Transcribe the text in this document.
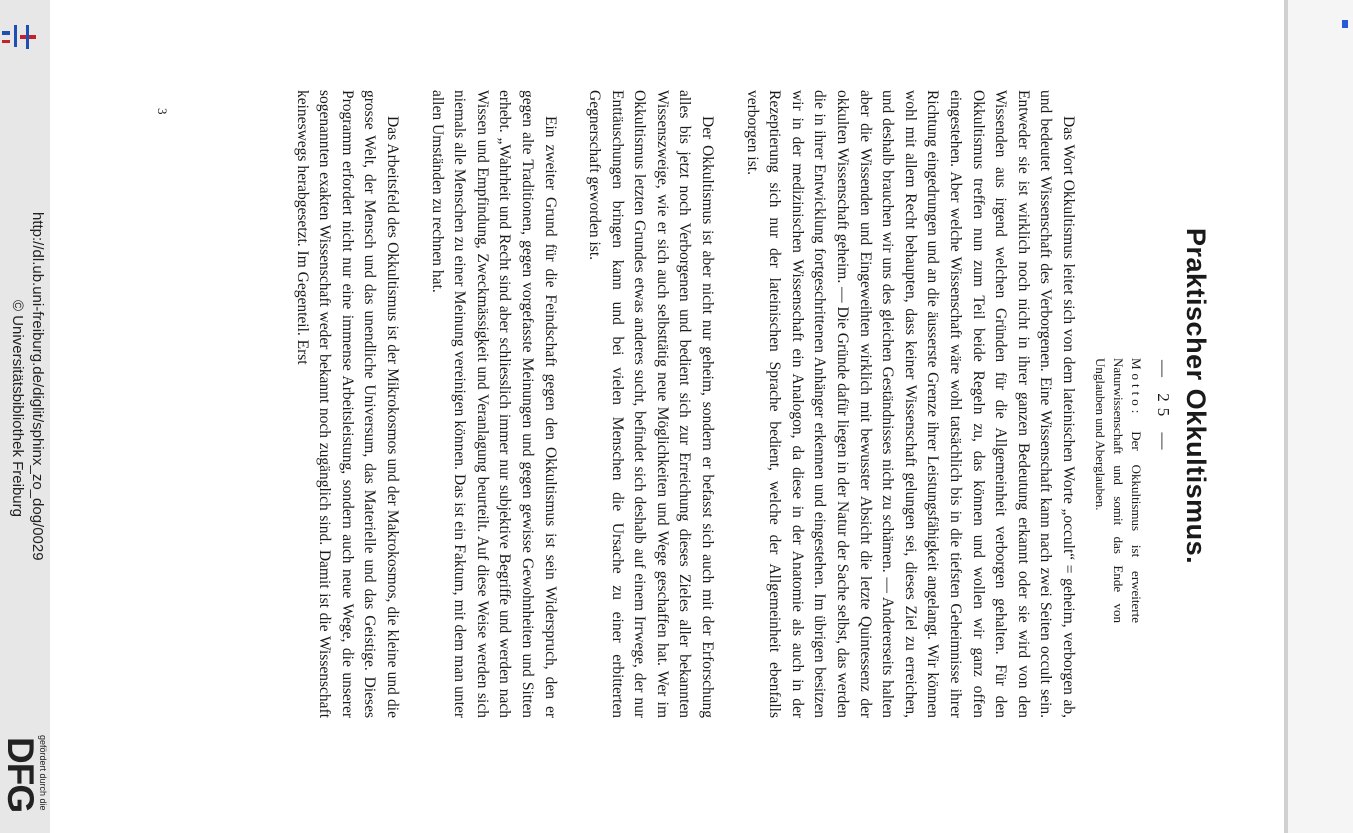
http://dl.ub.uni-freiburg.de/diglit/sphinx_zo_dog/0029
© Universitätsbibliothek Freiburg
gefördert durch die
DFG
Praktischer Okkultismus.
— 25 —
Motto: Der Okkultismus ist erweiterte Naturwissenschaft und somit das Ende von Unglauben und Aberglauben.

Das Wort Okkultismus leitet sich von dem lateinischen Worte „occult“ = geheim, verborgen ab, und bedeutet Wissenschaft des Verborgenen. Eine Wissenschaft kann nach zwei Seiten occult sein. Entweder sie ist wirklich noch nicht in ihrer ganzen Bedeutung erkannt oder sie wird von den Wissenden aus irgend welchen Gründen für die Allgemeinheit verborgen gehalten. Für den Okkultismus treffen nun zum Teil beide Regeln zu, das können und wollen wir ganz offen eingestehen. Aber welche Wissenschaft wäre wohl tatsächlich bis in die tiefsten Geheimnisse ihrer Richtung eingedrungen und an die äusserste Grenze ihrer Leistungsfähigkeit angelangt. Wir können wohl mit allem Recht behaupten, dass keiner Wissenschaft gelungen sei, dieses Ziel zu erreichen, und deshalb brauchen wir uns des gleichen Geständnisses nicht zu schämen. — Andererseits halten aber die Wissenden und Eingeweihten wirklich mit bewusster Absicht die letzte Quintessenz der okkulten Wissenschaft geheim. — Die Gründe dafür liegen in der Natur der Sache selbst, das werden die in ihrer Entwicklung fortgeschrittenen Anhänger erkennen und eingestehen. Im übrigen besitzen wir in der medizinischen Wissenschaft ein Analogon, da diese in der Anatomie als auch in der Rezeptierung sich nur der lateinischen Sprache bedient, welche der Allgemeinheit ebenfalls verborgen ist.

Der Okkultismus ist aber nicht nur geheim, sondern er befasst sich auch mit der Erforschung alles bis jetzt noch Verborgenen und bedient sich zur Erreichung dieses Zieles aller bekannten Wissenszweige, wie er sich auch selbsttätig neue Möglichkeiten und Wege geschaffen hat. Wer im Okkultismus letzten Grundes etwas anderes sucht, befindet sich deshalb auf einem Irrwege, der nur Enttäuschungen bringen kann und bei vielen Menschen die Ursache zu einer erbitterten Gegnerschaft geworden ist.

Ein zweiter Grund für die Feindschaft gegen den Okkultismus ist sein Widerspruch, den er gegen alte Traditionen, gegen vorgefasste Meinungen und gegen gewisse Gewohnheiten und Sitten erhebt. „Wahrheit und Recht sind aber schliesslich immer nur subjektive Begriffe und werden nach Wissen und Empfindung, Zweckmässigkeit und Veranlagung beurteilt. Auf diese Weise werden sich niemals alle Menschen zu einer Meinung vereinigen können. Das ist ein Faktum, mit dem man unter allen Umständen zu rechnen hat.

Das Arbeitsfeld des Okkultismus ist der Mikrokosmos und der Makrokosmos, die kleine und die grosse Welt, der Mensch und das unendliche Universum, das Materielle und das Geistige. Dieses Programm erfordert nicht nur eine immense Arbeitsleistung, sondern auch neue Wege, die unserer sogenannten exakten Wissenschaft weder bekannt noch zugänglich sind. Damit ist die Wissenschaft keineswegs herabgesetzt. Im Gegenteil. Erst

3
